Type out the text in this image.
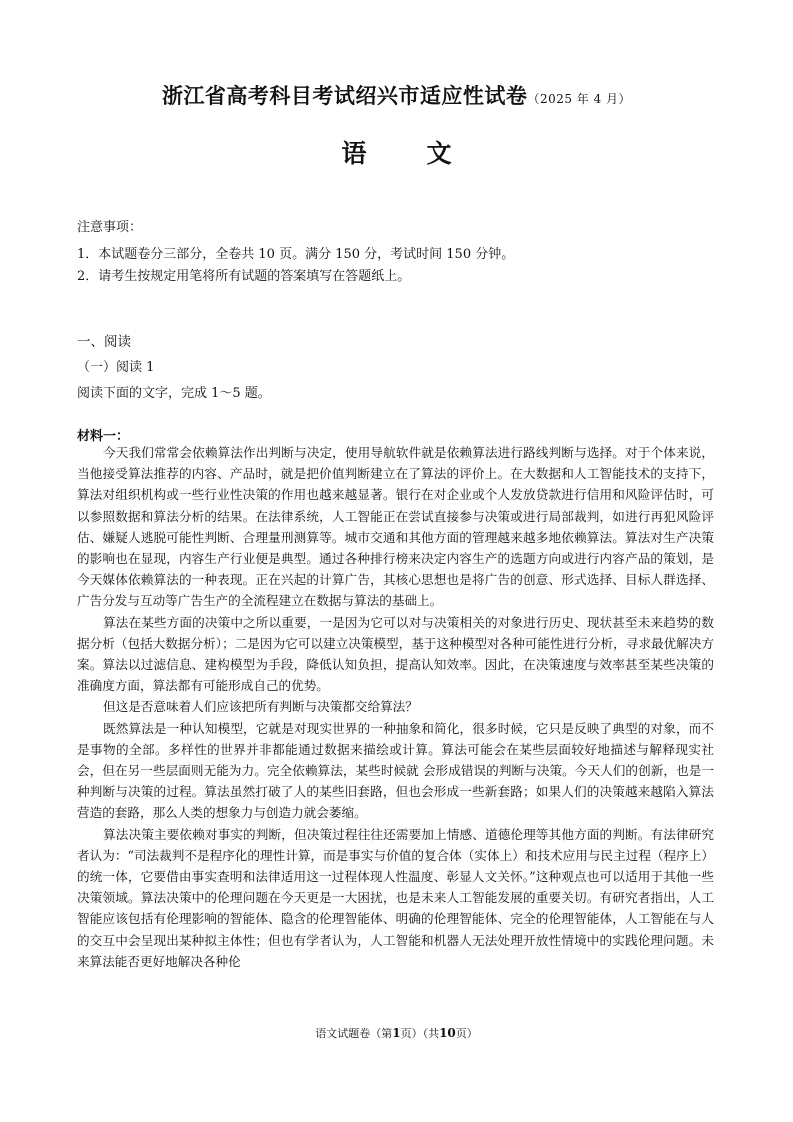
浙江省高考科目考试绍兴市适应性试卷（2025 年 4 月）
语 文
注意事项：
1．本试题卷分三部分，全卷共 10 页。满分 150 分，考试时间 150 分钟。
2．请考生按规定用笔将所有试题的答案填写在答题纸上。
一、阅读
（一）阅读 1
阅读下面的文字，完成 1～5 题。
材料一：

今天我们常常会依赖算法作出判断与决定，使用导航软件就是依赖算法进行路线判断与选择。对于个体来说，当他接受算法推荐的内容、产品时，就是把价值判断建立在了算法的评价上。在大数据和人工智能技术的支持下，算法对组织机构或一些行业性决策的作用也越来越显著。银行在对企业或个人发放贷款进行信用和风险评估时，可以参照数据和算法分析的结果。在法律系统，人工智能正在尝试直接参与决策或进行局部裁判，如进行再犯风险评估、嫌疑人逃脱可能性判断、合理量刑测算等。城市交通和其他方面的管理越来越多地依赖算法。算法对生产决策的影响也在显现，内容生产行业便是典型。通过各种排行榜来决定内容生产的选题方向或进行内容产品的策划，是今天媒体依赖算法的一种表现。正在兴起的计算广告，其核心思想也是将广告的创意、形式选择、目标人群选择、广告分发与互动等广告生产的全流程建立在数据与算法的基础上。

算法在某些方面的决策中之所以重要，一是因为它可以对与决策相关的对象进行历史、现状甚至未来趋势的数据分析（包括大数据分析）；二是因为它可以建立决策模型，基于这种模型对各种可能性进行分析，寻求最优解决方案。算法以过滤信息、建构模型为手段，降低认知负担，提高认知效率。因此，在决策速度与效率甚至某些决策的准确度方面，算法都有可能形成自己的优势。

但这是否意味着人们应该把所有判断与决策都交给算法？

既然算法是一种认知模型，它就是对现实世界的一种抽象和简化，很多时候，它只是反映了典型的对象，而不是事物的全部。多样性的世界并非都能通过数据来描绘或计算。算法可能会在某些层面较好地描述与解释现实社会，但在另一些层面则无能为力。完全依赖算法，某些时候就 会形成错误的判断与决策。今天人们的创新，也是一种判断与决策的过程。算法虽然打破了人的某些旧套路，但也会形成一些新套路；如果人们的决策越来越陷入算法营造的套路，那么人类的想象力与创造力就会萎缩。

算法决策主要依赖对事实的判断，但决策过程往往还需要加上情感、道德伦理等其他方面的判断。有法律研究者认为：“司法裁判不是程序化的理性计算，而是事实与价值的复合体（实体上）和技术应用与民主过程（程序上）的统一体，它要借由事实查明和法律适用这一过程体现人性温度、彰显人文关怀。”这种观点也可以适用于其他一些决策领域。算法决策中的伦理问题在今天更是一大困扰，也是未来人工智能发展的重要关切。有研究者指出，人工智能应该包括有伦理影响的智能体、隐含的伦理智能体、明确的伦理智能体、完全的伦理智能体，人工智能在与人的交互中会呈现出某种拟主体性；但也有学者认为，人工智能和机器人无法处理开放性情境中的实践伦理问题。未来算法能否更好地解决各种伦

语文试题卷（第1页）（共10页）
